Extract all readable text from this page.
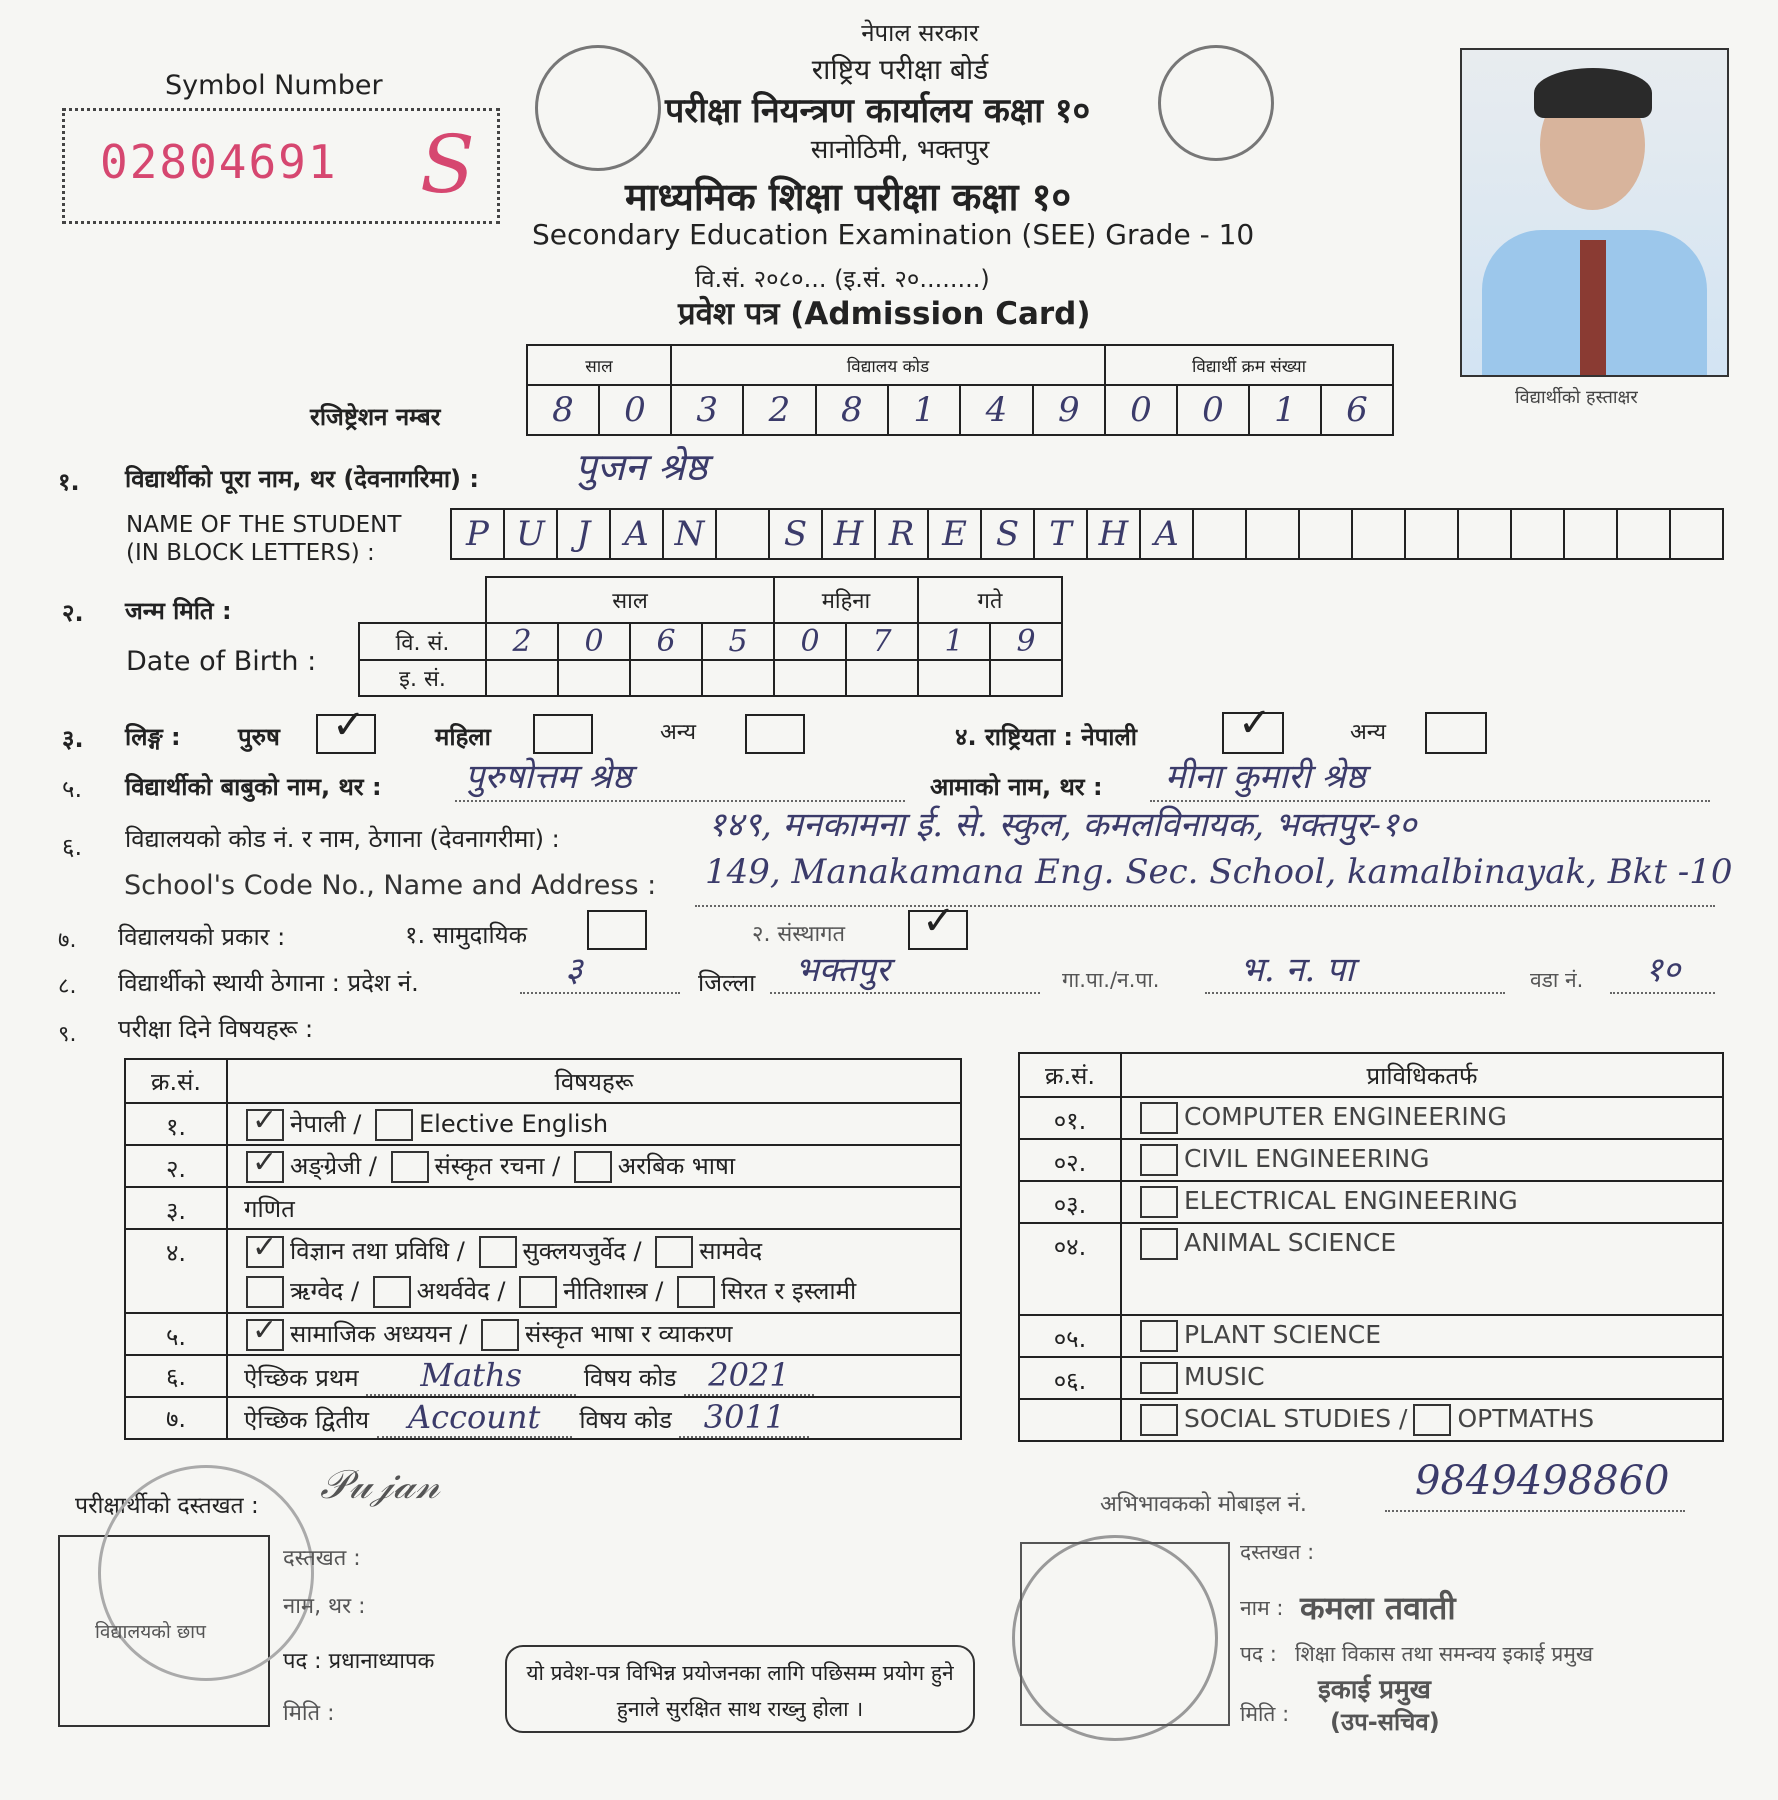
Symbol Number
02804691 S
नेपाल सरकार
राष्ट्रिय परीक्षा बोर्ड
परीक्षा नियन्त्रण कार्यालय कक्षा १०
सानोठिमी, भक्तपुर
माध्यमिक शिक्षा परीक्षा कक्षा १०
Secondary Education Examination (SEE) Grade - 10
वि.सं. २०८०... (इ.सं. २०........)
प्रवेश पत्र (Admission Card)
विद्यार्थीको हस्ताक्षर
रजिष्ट्रेशन नम्बर
साल		विद्यालय कोड						विद्यार्थी क्रम संख्या			
8	0	3	2	8	1	4	9	0	0	1	6
१. विद्यार्थीको पूरा नाम, थर (देवनागरिमा) :	पुजन श्रेष्ठ
NAME OF THE STUDENT
(IN BLOCK LETTERS) :	P	U	J	A	N		S	H	R	E	S	T	H	A										
२. जन्म मिति :
Date of Birth :
	साल				महिना		गते	
वि. सं.	2	0	6	5	0	7	1	9
इ. सं.								
३. लिङ्ग : पुरुष ✓	महिला	अन्य	४. राष्ट्रियता : नेपाली	✓	अन्य
५. विद्यार्थीको बाबुको नाम, थर : पुरुषोत्तम श्रेष्ठ	आमाको नाम, थर : मीना कुमारी श्रेष्ठ
६. विद्यालयको कोड नं. र नाम, ठेगाना (देवनागरीमा) :	१४९, मनकामना ई. से. स्कुल, कमलविनायक, भक्तपुर-१०
School's Code No., Name and Address : 149, Manakamana Eng. Sec. School, kamalbinayak, Bkt -10
७. विद्यालयको प्रकार :	१. सामुदायिक	२. संस्थागत ✓
८. विद्यार्थीको स्थायी ठेगाना : प्रदेश नं.	३	जिल्ला भक्तपुर	गा.पा./न.पा. भ. न. पा	वडा नं. १०
९. परीक्षा दिने विषयहरू :
क्र.सं.	विषयहरू
१.	
✓नेपाली / Elective English

२.	
✓अङ्ग्रेजी / संस्कृत रचना / अरबिक भाषा

३.	गणित
४.	
✓विज्ञान तथा प्रविधि / सुक्लयजुर्वेद / सामवेद
ऋग्वेद / अथर्ववेद / नीतिशास्त्र / सिरत र इस्लामी

५.	
✓सामाजिक अध्ययन / संस्कृत भाषा र व्याकरण

६.	ऐच्छिक प्रथम Maths विषय कोड 2021
७.	ऐच्छिक द्वितीय Account विषय कोड 3011
क्र.सं.	प्राविधिकतर्फ
०१.	COMPUTER ENGINEERING
०२.	CIVIL ENGINEERING
०३.	ELECTRICAL ENGINEERING
०४.	ANIMAL SCIENCE
०५.	PLANT SCIENCE
०६.	MUSIC
	SOCIAL STUDIES / OPTMATHS
परीक्षार्थीको दस्तखत : 𝒫𝓊𝒿𝒶𝓃	अभिभावकको मोबाइल नं.
9849498860
विद्यालयको छाप
दस्तखत :
नाम, थर :
पद : प्रधानाध्यापक
मिति :
यो प्रवेश-पत्र विभिन्न प्रयोजनका लागि पछिसम्म प्रयोग हुने हुनाले सुरक्षित साथ राख्नु होला ।
दस्तखत :
नाम : कमला तवाती
पद : शिक्षा विकास तथा समन्वय इकाई प्रमुख
इकाई प्रमुख
मिति : (उप-सचिव)
